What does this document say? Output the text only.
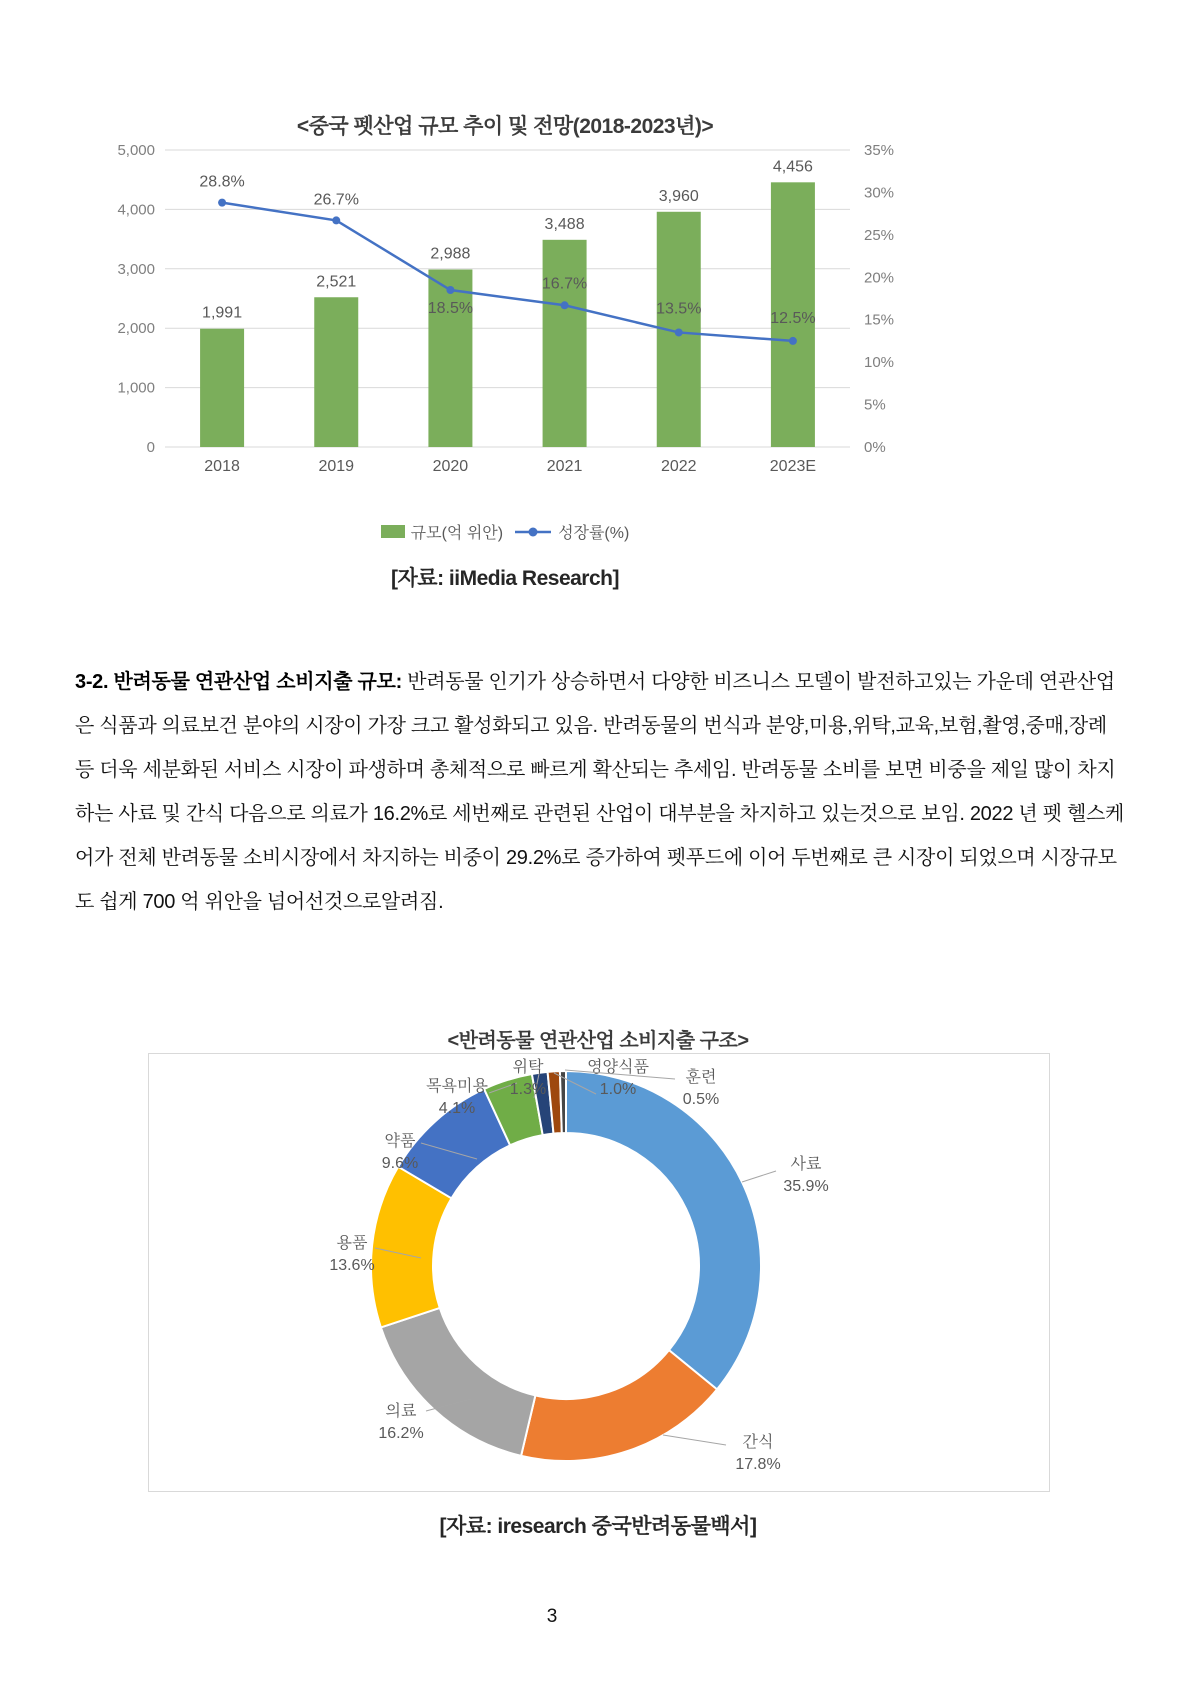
<중국 펫산업 규모 추이 및 전망(2018-2023년)>
5,000
4,000
3,000
2,000
1,000
0
35%
30%
25%
20%
15%
10%
5%
0%
2018	2019	2020	2021	2022	2023E
1,991
2,521
2,988
3,488
3,960
4,456
28.8%
26.7%
18.5%
16.7%
13.5%
12.5%
규모(억 위안)	성장률(%)
[자료: iiMedia Research]
3-2. 반려동물 연관산업 소비지출 규모: 반려동물 인기가 상승하면서 다양한 비즈니스 모델이 발전하고있는 가운데 연관산업은 식품과 의료보건 분야의 시장이 가장 크고 활성화되고 있음. 반려동물의 번식과 분양,미용,위탁,교육,보험,촬영,중매,장례 등 더욱 세분화된 서비스 시장이 파생하며 총체적으로 빠르게 확산되는 추세임. 반려동물 소비를 보면 비중을 제일 많이 차지하는 사료 및 간식 다음으로 의료가 16.2%로 세번째로 관련된 산업이 대부분을 차지하고 있는것으로 보임. 2022 년 펫 헬스케어가 전체 반려동물 소비시장에서 차지하는 비중이 29.2%로 증가하여 펫푸드에 이어 두번째로 큰 시장이 되었으며 시장규모도 쉽게 700 억 위안을 넘어선것으로알려짐.
<반려동물 연관산업 소비지출 구조>
사료
35.9%
간식
17.8%
의료
16.2%
용품
13.6%
약품
9.6%
목욕미용
4.1%
위탁
1.3%
영양식품
1.0%
훈련
0.5%
[자료: iresearch 중국반려동물백서]
3
